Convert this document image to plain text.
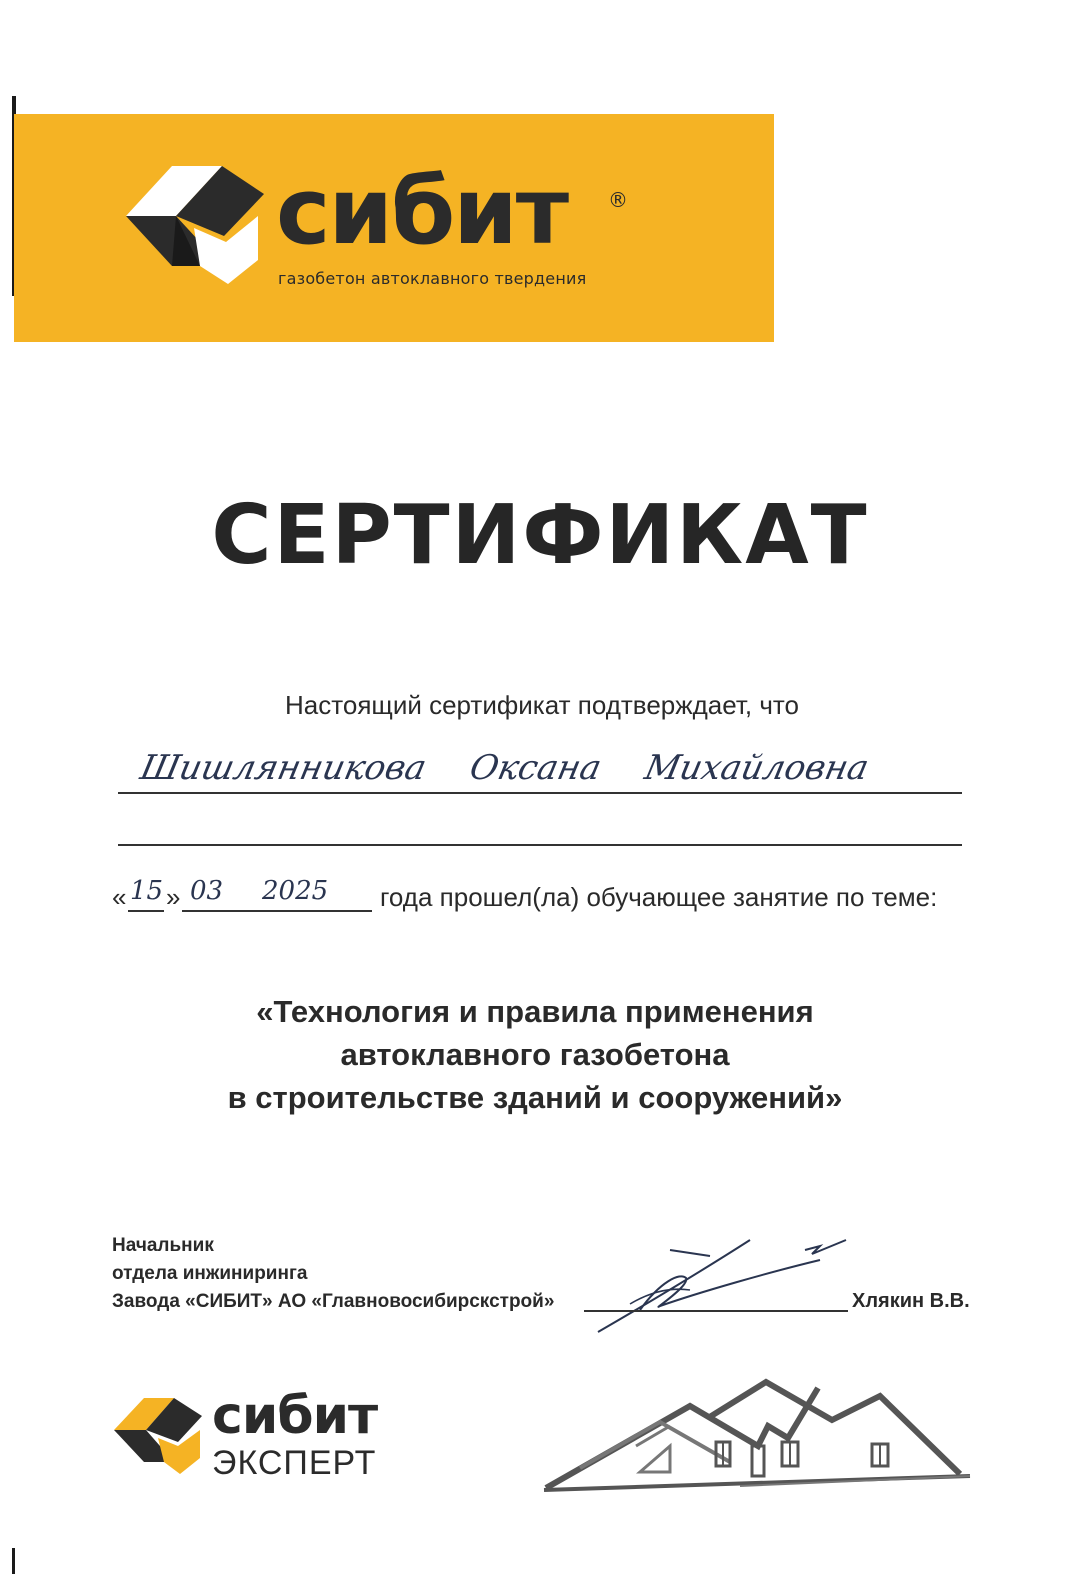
сибит ®
газобетон автоклавного твердения
СЕРТИФИКАТ
Настоящий сертификат подтверждает, что
Шишлянникова Оксана Михайловна
« 15 » 03 2025 года прошел(ла) обучающее занятие по теме:
«Технология и правила применения
автоклавного газобетона
в строительстве зданий и сооружений»
Начальник
отдела инжиниринга
Завода «СИБИТ» АО «Главновосибирскстрой»	Хлякин В.В.
сибит
ЭКСПЕРТ
